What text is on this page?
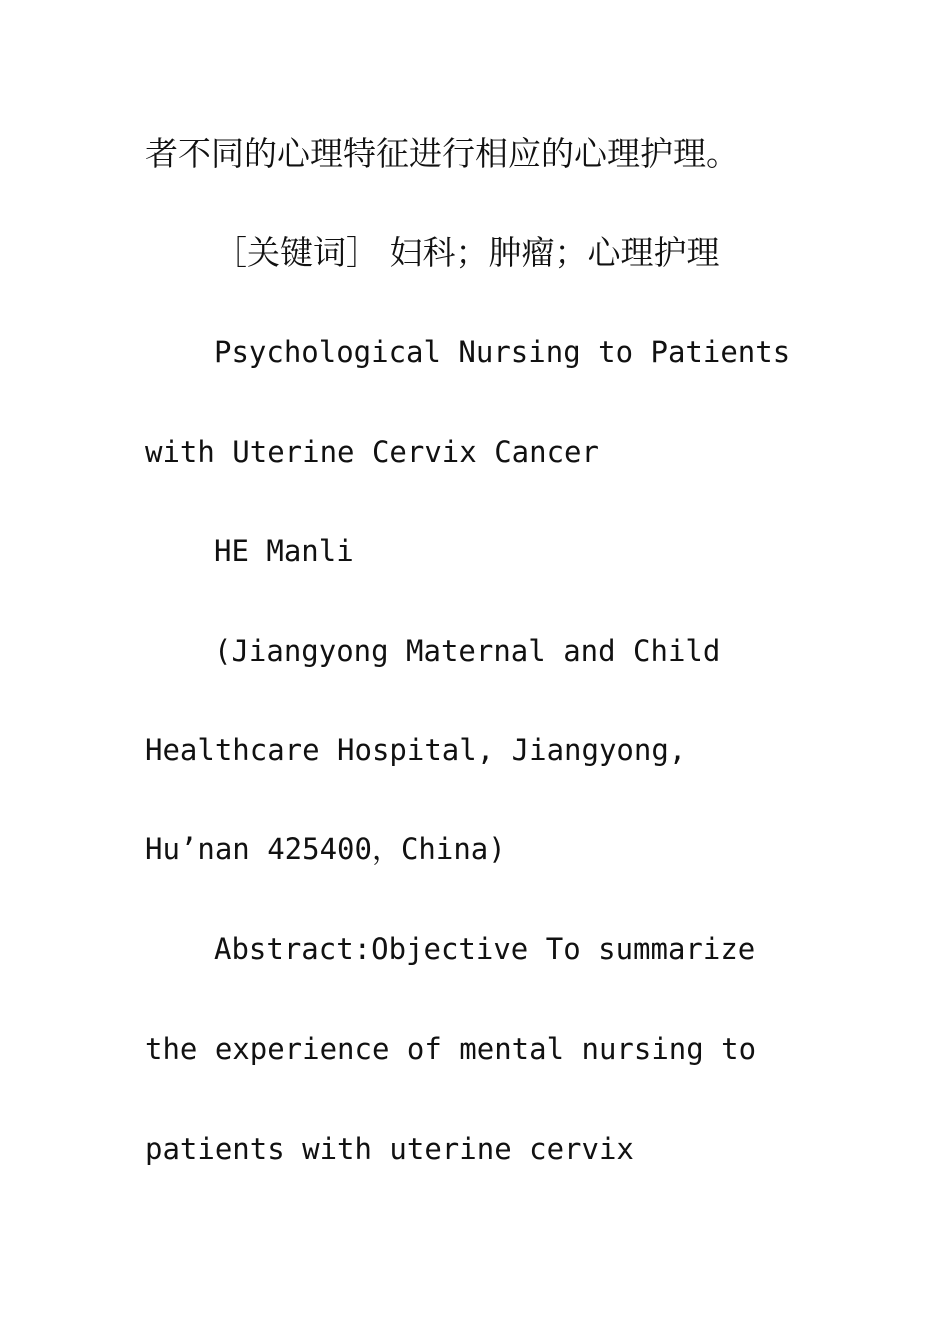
者不同的心理特征进行相应的心理护理。
［关键词］ 妇科；肿瘤；心理护理
Psychological Nursing to Patients
with Uterine Cervix Cancer
HE Manli
(Jiangyong Maternal and Child
Healthcare Hospital, Jiangyong,
Hu’nan 425400，China)
Abstract:Objective To summarize
the experience of mental nursing to
patients with uterine cervix
